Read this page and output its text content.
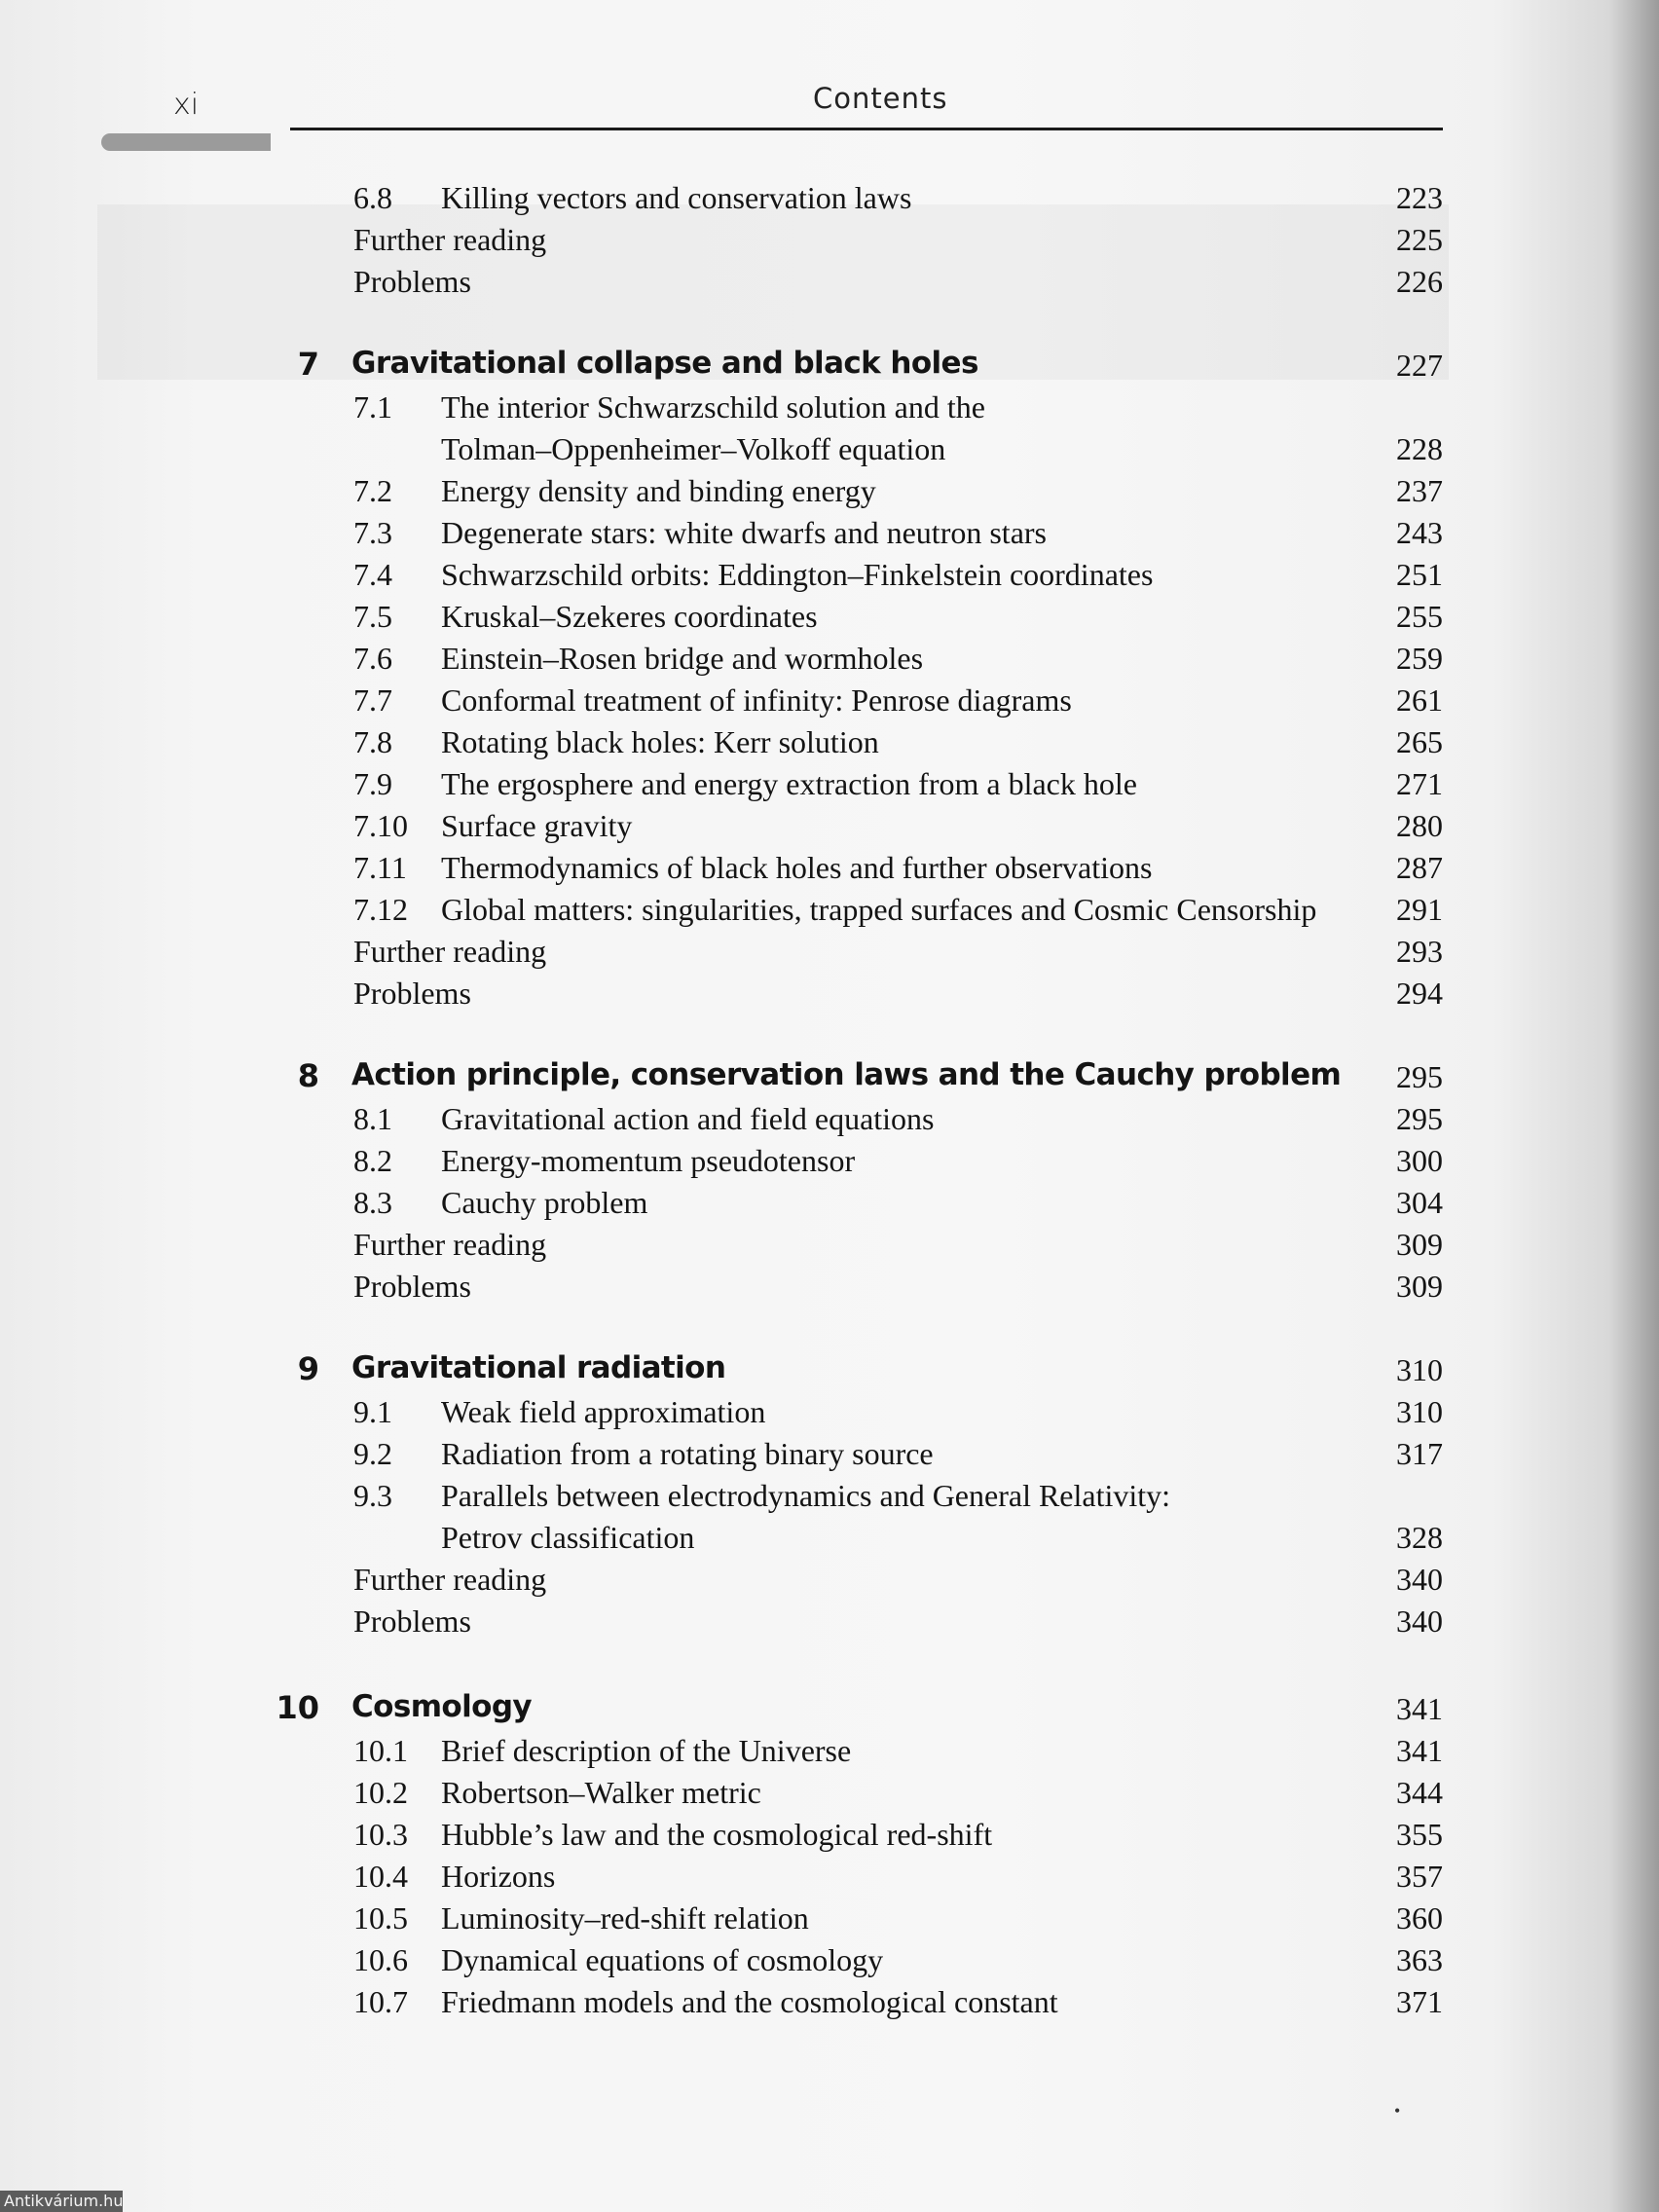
xi	Contents
6.8 Killing vectors and conservation laws	223
Further reading	225
Problems	226
7 Gravitational collapse and black holes	227
7.1 The interior Schwarzschild solution and the
Tolman–Oppenheimer–Volkoff equation	228
7.2 Energy density and binding energy	237
7.3 Degenerate stars: white dwarfs and neutron stars	243
7.4 Schwarzschild orbits: Eddington–Finkelstein coordinates	251
7.5 Kruskal–Szekeres coordinates	255
7.6 Einstein–Rosen bridge and wormholes	259
7.7 Conformal treatment of infinity: Penrose diagrams	261
7.8 Rotating black holes: Kerr solution	265
7.9 The ergosphere and energy extraction from a black hole	271
7.10 Surface gravity	280
7.11 Thermodynamics of black holes and further observations	287
7.12 Global matters: singularities, trapped surfaces and Cosmic Censorship	291
Further reading	293
Problems	294
8 Action principle, conservation laws and the Cauchy problem 295
8.1 Gravitational action and field equations	295
8.2 Energy-momentum pseudotensor	300
8.3 Cauchy problem	304
Further reading	309
Problems	309
9 Gravitational radiation	310
9.1 Weak field approximation	310
9.2 Radiation from a rotating binary source	317
9.3 Parallels between electrodynamics and General Relativity:
Petrov classification	328
Further reading	340
Problems	340
10 Cosmology	341
10.1 Brief description of the Universe	341
10.2 Robertson–Walker metric	344
10.3 Hubble’s law and the cosmological red-shift	355
10.4 Horizons	357
10.5 Luminosity–red-shift relation	360
10.6 Dynamical equations of cosmology	363
10.7 Friedmann models and the cosmological constant	371
•
Antikvárium.hu
